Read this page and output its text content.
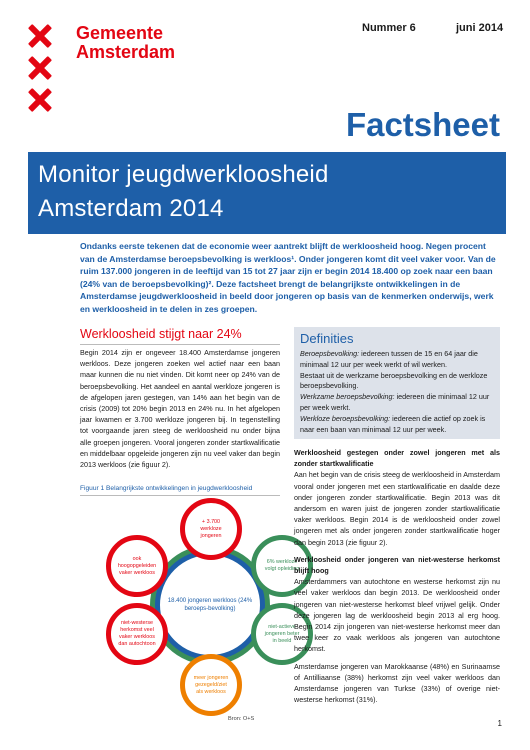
Gemeente
Amsterdam
Nummer 6	juni 2014
Factsheet
Monitor jeugdwerkloosheid
Amsterdam 2014
Ondanks eerste tekenen dat de economie weer aantrekt blijft de werkloosheid hoog. Negen procent van de Amsterdamse beroepsbevolking is werkloos¹. Onder jongeren komt dit veel vaker voor. Van de ruim 137.000 jongeren in de leeftijd van 15 tot 27 jaar zijn er begin 2014 18.400 op zoek naar een baan (24% van de beroepsbevolking)². Deze factsheet brengt de belangrijkste ontwikkelingen in de Amsterdamse jeugdwerkloosheid in beeld door jongeren op basis van de kenmerken onderwijs, werk en werkloosheid in te delen in zes groepen.
Werkloosheid stijgt naar 24%
Begin 2014 zijn er ongeveer 18.400 Amsterdamse jongeren werkloos. Deze jongeren zoeken wel actief naar een baan maar kunnen die nu niet vinden. Dit komt neer op 24% van de beroepsbevolking. Het aandeel en aantal werkloze jongeren is de afgelopen jaren gestegen, van 14% aan het begin van de crisis (2009) tot 20% begin 2013 en 24% nu. In het afgelopen jaar kwamen er 3.700 werkloze jongeren bij. In tegenstelling tot voorgaande jaren steeg de werkloosheid nu onder bijna alle groepen jongeren. Vooral jongeren zonder startkwalificatie en middelbaar opgeleide jongeren zijn nu veel vaker dan begin 2013 werkloos (zie figuur 2).
Figuur 1 Belangrijkste ontwikkelingen in jeugdwerkloosheid
18.400 jongeren werkloos (24% beroeps-bevolking)
+ 3.700 werkloze jongeren
6% werkloze volgt opleiding
niet-actieve jongeren beter in beeld
meer jongeren gezegeld/ziet als werkloos
niet-westerse herkomst veel vaker werkloos dan autochtoon
ook hoogopgeleiden vaker werkloos
Bron: O+S
Definities
Beroepsbevolking: iedereen tussen de 15 en 64 jaar die minimaal 12 uur per week werkt of wil werken.
Bestaat uit de werkzame beroepsbevolking en de werkloze beroepsbevolking.
Werkzame beroepsbevolking: iedereen die minimaal 12 uur per week werkt.
Werkloze beroepsbevolking: iedereen die actief op zoek is naar een baan van minimaal 12 uur per week.
Werkloosheid gestegen onder zowel jongeren met als zonder startkwalificatie

Aan het begin van de crisis steeg de werkloosheid in Amsterdam vooral onder jongeren met een startkwalificatie en daalde deze onder jongeren zonder startkwalificatie. Begin 2013 was dit andersom en waren juist de jongeren zonder startkwalificatie vaker werkloos. Begin 2014 is de werkloosheid onder zowel jongeren met als onder jongeren zonder startkwalificatie hoger dan begin 2013 (zie figuur 2).

Werkloosheid onder jongeren van niet-westerse herkomst blijft hoog

Amsterdammers van autochtone en westerse herkomst zijn nu veel vaker werkloos dan begin 2013. De werkloosheid onder jongeren van niet-westerse herkomst bleef vrijwel gelijk. Onder deze jongeren lag de werkloosheid begin 2013 al erg hoog. Begin 2014 zijn jongeren van niet-westerse herkomst meer dan twee keer zo vaak werkloos als jongeren van autochtone herkomst.

Amsterdamse jongeren van Marokkaanse (48%) en Surinaamse of Antilliaanse (38%) herkomst zijn veel vaker werkloos dan Amsterdamse jongeren van Turkse (33%) of overige niet-westerse herkomst (31%).

1
